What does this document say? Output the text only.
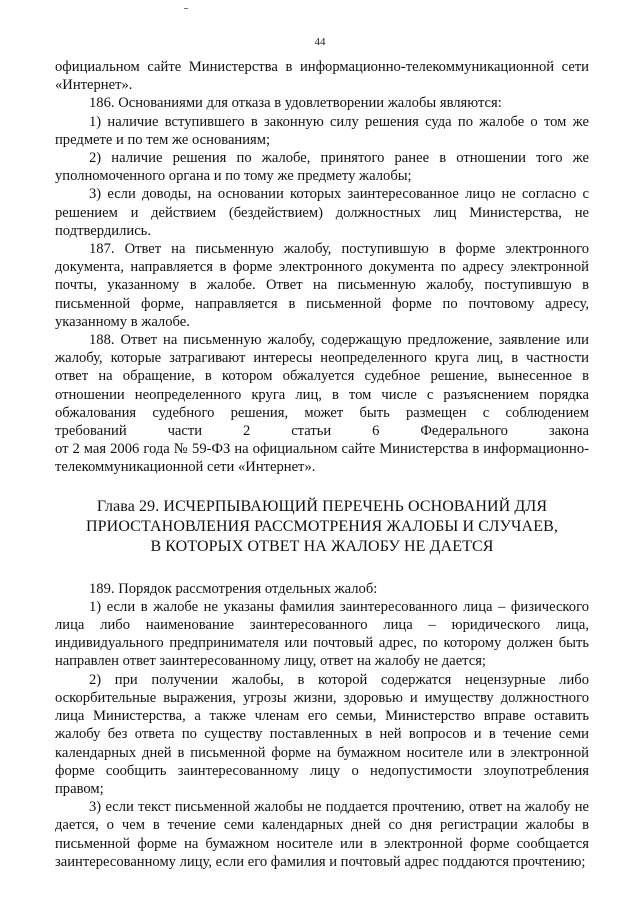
44

официальном сайте Министерства в информационно-телекоммуникационной сети «Интернет».

186. Основаниями для отказа в удовлетворении жалобы являются:

1) наличие вступившего в законную силу решения суда по жалобе о том же предмете и по тем же основаниям;

2) наличие решения по жалобе, принятого ранее в отношении того же уполномоченного органа и по тому же предмету жалобы;

3) если доводы, на основании которых заинтересованное лицо не согласно с решением и действием (бездействием) должностных лиц Министерства, не подтвердились.

187. Ответ на письменную жалобу, поступившую в форме электронного документа, направляется в форме электронного документа по адресу электронной почты, указанному в жалобе. Ответ на письменную жалобу, поступившую в письменной форме, направляется в письменной форме по почтовому адресу, указанному в жалобе.

188. Ответ на письменную жалобу, содержащую предложение, заявление или жалобу, которые затрагивают интересы неопределенного круга лиц, в частности ответ на обращение, в котором обжалуется судебное решение, вынесенное в отношении неопределенного круга лиц, в том числе с разъяснением порядка обжалования судебного решения, может быть размещен с соблюдением

требований части 2 статьи 6 Федерального закона

от 2 мая 2006 года № 59-ФЗ на официальном сайте Министерства в информационно-телекоммуникационной сети «Интернет».

Глава 29. ИСЧЕРПЫВАЮЩИЙ ПЕРЕЧЕНЬ ОСНОВАНИЙ ДЛЯ
ПРИОСТАНОВЛЕНИЯ РАССМОТРЕНИЯ ЖАЛОБЫ И СЛУЧАЕВ,
В КОТОРЫХ ОТВЕТ НА ЖАЛОБУ НЕ ДАЕТСЯ

189. Порядок рассмотрения отдельных жалоб:

1) если в жалобе не указаны фамилия заинтересованного лица – физического лица либо наименование заинтересованного лица – юридического лица, индивидуального предпринимателя или почтовый адрес, по которому должен быть направлен ответ заинтересованному лицу, ответ на жалобу не дается;

2) при получении жалобы, в которой содержатся нецензурные либо оскорбительные выражения, угрозы жизни, здоровью и имуществу должностного лица Министерства, а также членам его семьи, Министерство вправе оставить жалобу без ответа по существу поставленных в ней вопросов и в течение семи календарных дней в письменной форме на бумажном носителе или в электронной форме сообщить заинтересованному лицу о недопустимости злоупотребления правом;

3) если текст письменной жалобы не поддается прочтению, ответ на жалобу не дается, о чем в течение семи календарных дней со дня регистрации жалобы в письменной форме на бумажном носителе или в электронной форме сообщается заинтересованному лицу, если его фамилия и почтовый адрес поддаются прочтению;
